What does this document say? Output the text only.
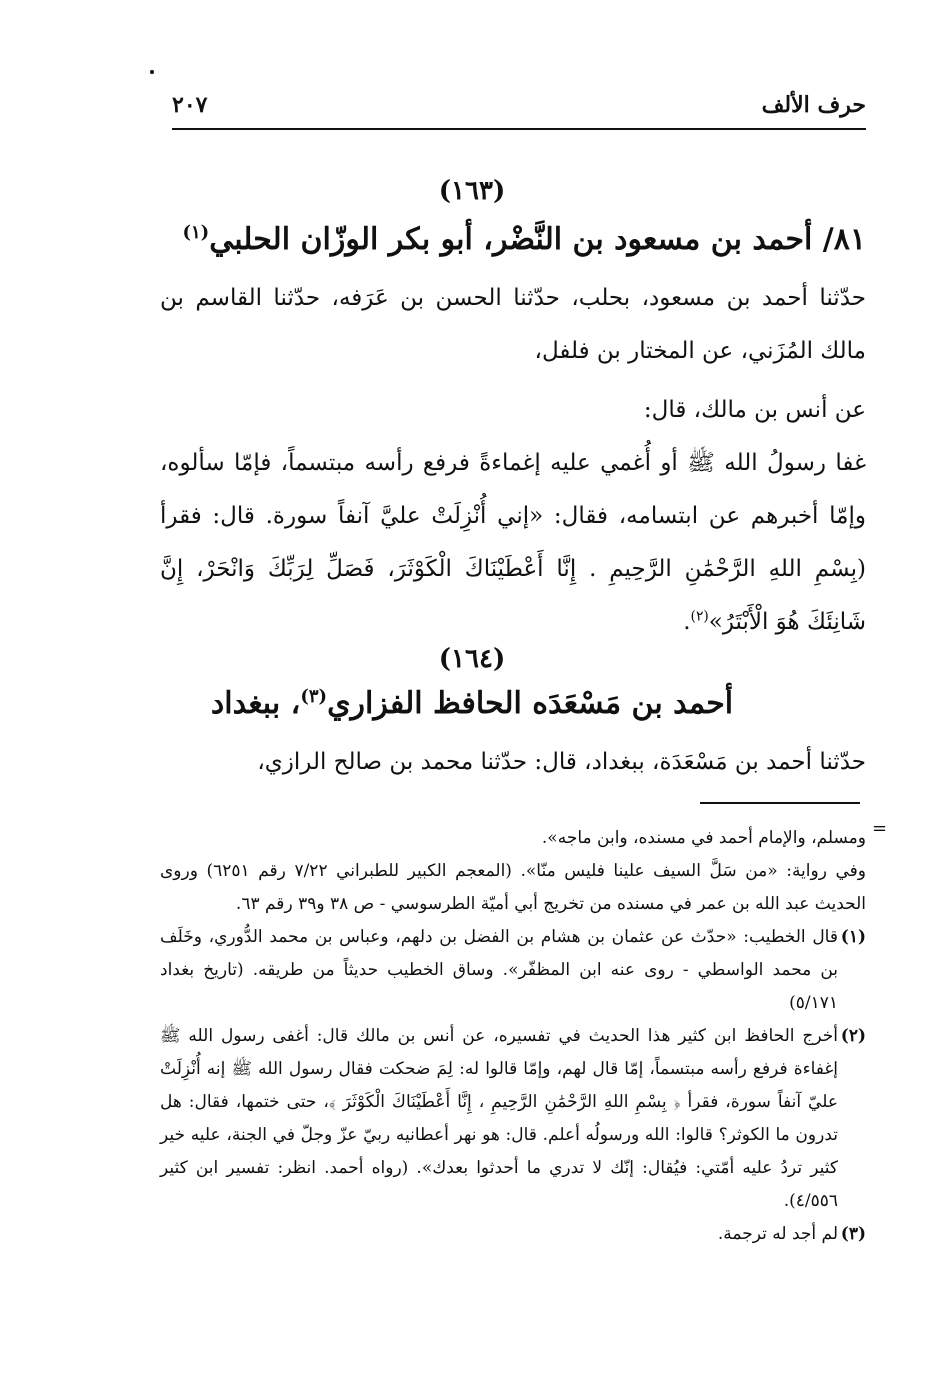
حرف الألف
٢٠٧
(١٦٣)
٨١/ أحمد بن مسعود بن النَّضْر، أبو بكر الوزّان الحلبي$^{(١)}$

حدّثنا أحمد بن مسعود، بحلب، حدّثنا الحسن بن عَرَفه، حدّثنا القاسم بن مالك المُزَني، عن المختار بن فلفل،

عن أنس بن مالك، قال:

غفا رسولُ الله ﷺ أو أُغمي عليه إغماءةً فرفع رأسه مبتسماً، فإمّا سألوه، وإمّا أخبرهم عن ابتسامه، فقال: «إني أُنْزِلَتْ عليَّ آنفاً سورة. قال: فقرأ (بِسْمِ اللهِ الرَّحْمَٰنِ الرَّحِيمِ . إِنَّا أَعْطَيْنَاكَ الْكَوْثَرَ، فَصَلِّ لِرَبِّكَ وَانْحَرْ، إِنَّ شَانِئَكَ هُوَ الْأَبْتَرُ»$^{(٢)}$.

(١٦٤)
أحمد بن مَسْعَدَه الحافظ الفزاري$^{(٣)}$، ببغداد

حدّثنا أحمد بن مَسْعَدَة، ببغداد، قال: حدّثنا محمد بن صالح الرازي،

=

ومسلم، والإمام أحمد في مسنده، وابن ماجه».

وفي رواية: «من سَلَّ السيف علينا فليس منّا». (المعجم الكبير للطبراني ٧/٢٢ رقم ٦٢٥١) وروى الحديث عبد الله بن عمر في مسنده من تخريج أبي أميّة الطرسوسي - ص ٣٨ و٣٩ رقم ٦٣.

(١)
قال الخطيب: «حدّث عن عثمان بن هشام بن الفضل بن دلهم، وعباس بن محمد الدُّوري، وخَلَف بن محمد الواسطي - روى عنه ابن المظفّر». وساق الخطيب حديثاً من طريقه. (تاريخ بغداد ٥/١٧١)

(٢)
أخرج الحافظ ابن كثير هذا الحديث في تفسيره، عن أنس بن مالك قال: أغفى رسول الله ﷺ إغفاءة فرفع رأسه مبتسماً، إمّا قال لهم، وإمّا قالوا له: لِمَ ضحكت فقال رسول الله ﷺ إنه أُنْزِلَتْ عليّ آنفاً سورة، فقرأ ﴿ بِسْمِ اللهِ الرَّحْمَٰنِ الرَّحِيمِ ، إِنَّا أَعْطَيْنَاكَ الْكَوْثَرَ ﴾، حتى ختمها، فقال: هل تدرون ما الكوثر؟ قالوا: الله ورسولُه أعلم. قال: هو نهر أعطانيه ربيّ عزّ وجلّ في الجنة، عليه خير كثير تردُ عليه أمّتي: فيُقال: إنّك لا تدري ما أحدثوا بعدك». (رواه أحمد. انظر: تفسير ابن كثير ٤/٥٥٦).

(٣)
لم أجد له ترجمة.
